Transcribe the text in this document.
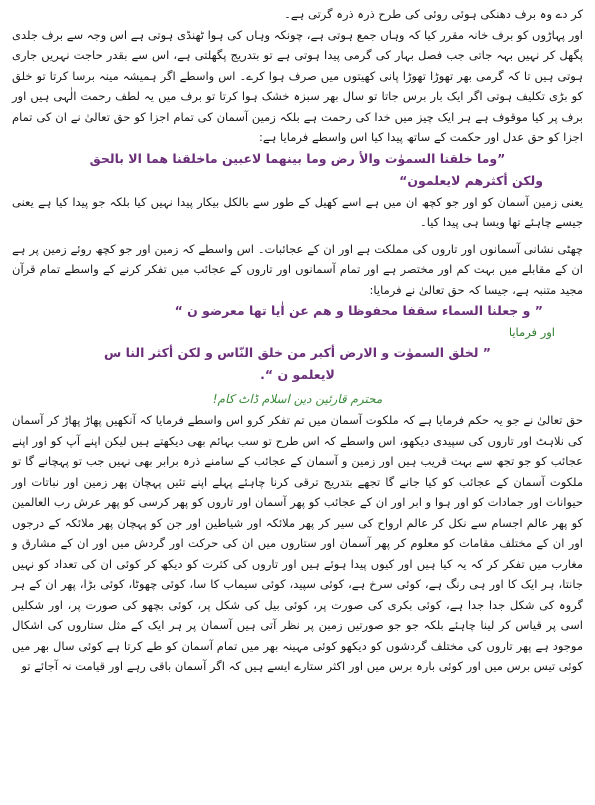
کر دے وہ برف دھنکی ہوئی روئی کی طرح ذرہ ذرہ گرتی ہے۔

اور پہاڑوں کو برف خانہ مقرر کیا کہ وہاں جمع ہوتی ہے، چونکہ وہاں کی ہوا ٹھنڈی ہوتی ہے اس وجہ سے برف جلدی پگھل کر نہیں بہہ جاتی جب فصل بہار کی گرمی پیدا ہوتی ہے تو بتدریج پگھلتی ہے، اس سے بقدر حاجت نہریں جاری ہوتی ہیں تا کہ گرمی بھر تھوڑا تھوڑا پانی کھیتوں میں صرف ہوا کرے۔ اس واسطے اگر ہمیشہ مینہ برسا کرتا تو خلق کو بڑی تکلیف ہوتی اگر ایک بار برس جاتا تو سال بھر سبزہ خشک ہوا کرتا تو برف میں یہ لطف رحمت الٰہی ہیں اور برف پر کیا موقوف ہے ہر ایک چیز میں خدا کی رحمت ہے بلکہ زمین آسمان کی تمام اجزا کو حق تعالیٰ نے ان کی تمام اجزا کو حق عدل اور حکمت کے ساتھ پیدا کیا اس واسطے فرمایا ہے:

”وما خلقنا السموٰت والأ رض وما بينهما لاعبين ماخلقنا هما الا بالحق
ولكن أكثرهم لايعلمون“

یعنی زمین آسمان کو اور جو کچھ ان میں ہے اسے کھیل کے طور سے بالکل بیکار پیدا نہیں کیا بلکہ جو پیدا کیا ہے یعنی جیسے چاہئے تھا ویسا ہی پیدا کیا۔

چھٹی نشانی آسمانوں اور تاروں کی مملکت ہے اور ان کے عجائبات۔ اس واسطے کہ زمین اور جو کچھ روئے زمین پر ہے ان کے مقابلے میں بہت کم اور مختصر ہے اور تمام آسمانوں اور تاروں کے عجائب میں تفکر کرنے کے واسطے تمام قرآن مجید متنبہ ہے، جیسا کہ حق تعالیٰ نے فرمایا:

” و جعلنا السماء سقفا محفوظا و هم عن اٰيا تها معرضو ن “
اور فرمایا
” لخلق السموٰت و الارض أكبر من خلق النّاس و لكن أكثر النا س
لايعلمو ن “.
محترم قارئین دین اسلام ڈاٹ کام!

حق تعالیٰ نے جو یہ حکم فرمایا ہے کہ ملکوت آسمان میں تم تفکر کرو اس واسطے فرمایا کہ آنکھیں پھاڑ پھاڑ کر آسمان کی نلاہٹ اور تاروں کی سپیدی دیکھو، اس واسطے کہ اس طرح تو سب بہائم بھی دیکھتے ہیں لیکن اپنے آپ کو اور اپنے عجائب کو جو تجھ سے بہت قریب ہیں اور زمین و آسمان کے عجائب کے سامنے ذرہ برابر بھی نہیں جب تو پہچانے گا تو ملکوت آسمان کے عجائب کو کیا جانے گا تجھے بتدریج ترقی کرنا چاہئے پہلے اپنے تئیں پہچان پھر زمین اور نباتات اور حیوانات اور جمادات کو اور ہوا و ابر اور ان کے عجائب کو پھر آسمان اور تاروں کو پھر کرسی کو پھر عرش رب العالمین کو پھر عالم اجسام سے نکل کر عالم ارواح کی سیر کر پھر ملائکہ اور شیاطین اور جن کو پہچان پھر ملائکہ کے درجوں اور ان کے مختلف مقامات کو معلوم کر پھر آسمان اور ستاروں میں ان کی حرکت اور گردش میں اور ان کے مشارق و مغارب میں تفکر کر کہ یہ کیا ہیں اور کیوں پیدا ہوئے ہیں اور تاروں کی کثرت کو دیکھ کر کوئی ان کی تعداد کو نہیں جانتا، ہر ایک کا اور ہی رنگ ہے، کوئی سرخ ہے، کوئی سپید، کوئی سیماب کا سا، کوئی چھوٹا، کوئی بڑا، پھر ان کے ہر گروہ کی شکل جدا جدا ہے، کوئی بکری کی صورت پر، کوئی بیل کی شکل پر، کوئی بچھو کی صورت پر، اور شکلیں اسی پر قیاس کر لینا چاہئے بلکہ جو جو صورتیں زمین پر نظر آتی ہیں آسمان پر ہر ایک کے مثل ستاروں کی اشکال موجود ہے پھر تاروں کی مختلف گردشوں کو دیکھو کوئی مہینہ بھر میں تمام آسمان کو طے کرتا ہے کوئی سال بھر میں کوئی تیس برس میں اور کوئی بارہ برس میں اور اکثر ستارے ایسے ہیں کہ اگر آسمان باقی رہے اور قیامت نہ آجائے تو
